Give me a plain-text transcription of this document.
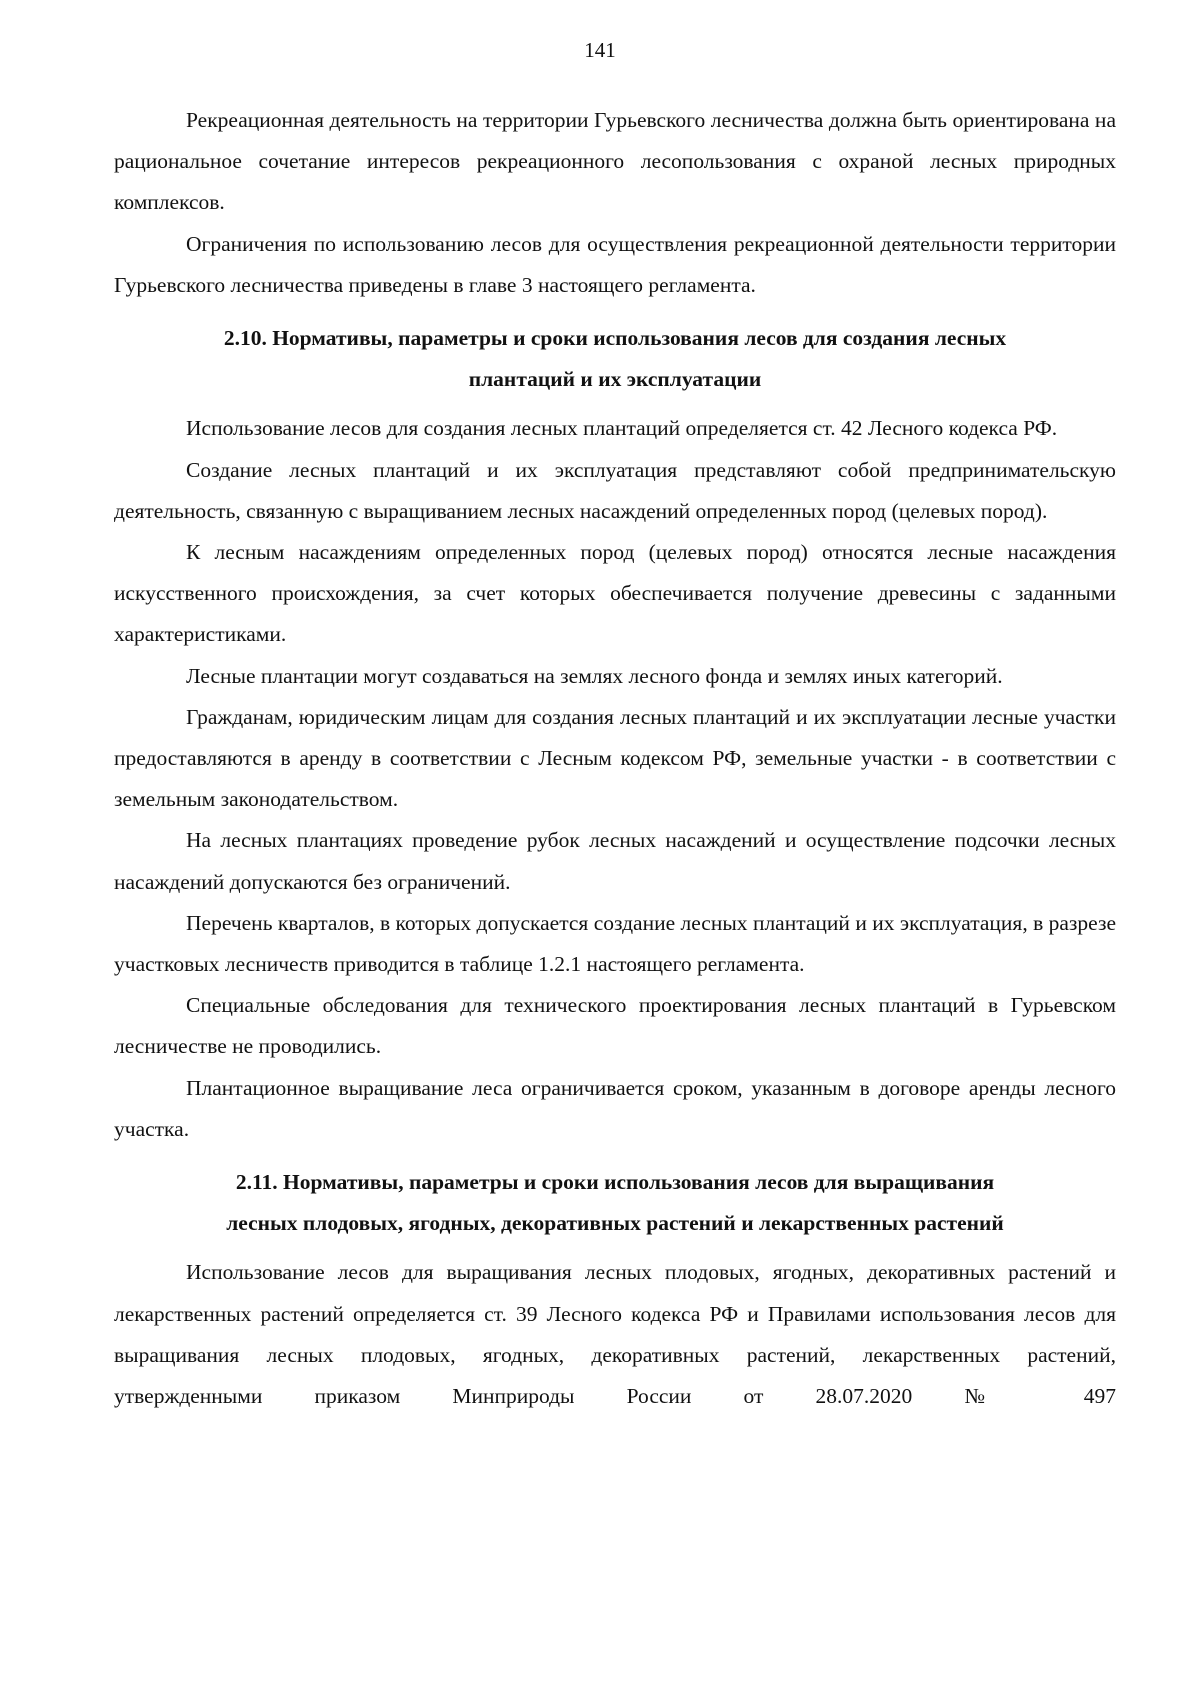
141

Рекреационная деятельность на территории Гурьевского лесничества должна быть ориентирована на рациональное сочетание интересов рекреационного лесопользования с охраной лесных природных комплексов.

Ограничения по использованию лесов для осуществления рекреационной деятельности территории Гурьевского лесничества приведены в главе 3 настоящего регламента.

2.10. Нормативы, параметры и сроки использования лесов для создания лесных
плантаций и их эксплуатации

Использование лесов для создания лесных плантаций определяется ст. 42 Лесного кодекса РФ.

Создание лесных плантаций и их эксплуатация представляют собой предпринимательскую деятельность, связанную с выращиванием лесных насаждений определенных пород (целевых пород).

К лесным насаждениям определенных пород (целевых пород) относятся лесные насаждения искусственного происхождения, за счет которых обеспечивается получение древесины с заданными характеристиками.

Лесные плантации могут создаваться на землях лесного фонда и землях иных категорий.

Гражданам, юридическим лицам для создания лесных плантаций и их эксплуатации лесные участки предоставляются в аренду в соответствии с Лесным кодексом РФ, земельные участки - в соответствии с земельным законодательством.

На лесных плантациях проведение рубок лесных насаждений и осуществление подсочки лесных насаждений допускаются без ограничений.

Перечень кварталов, в которых допускается создание лесных плантаций и их эксплуатация, в разрезе участковых лесничеств приводится в таблице 1.2.1 настоящего регламента.

Специальные обследования для технического проектирования лесных плантаций в Гурьевском лесничестве не проводились.

Плантационное выращивание леса ограничивается сроком, указанным в договоре аренды лесного участка.

2.11. Нормативы, параметры и сроки использования лесов для выращивания
лесных плодовых, ягодных, декоративных растений и лекарственных растений

Использование лесов для выращивания лесных плодовых, ягодных, декоративных растений и лекарственных растений определяется ст. 39 Лесного кодекса РФ и Правилами использования лесов для выращивания лесных плодовых, ягодных, декоративных растений, лекарственных растений, утвержденными приказом Минприроды России от 28.07.2020 № 497
